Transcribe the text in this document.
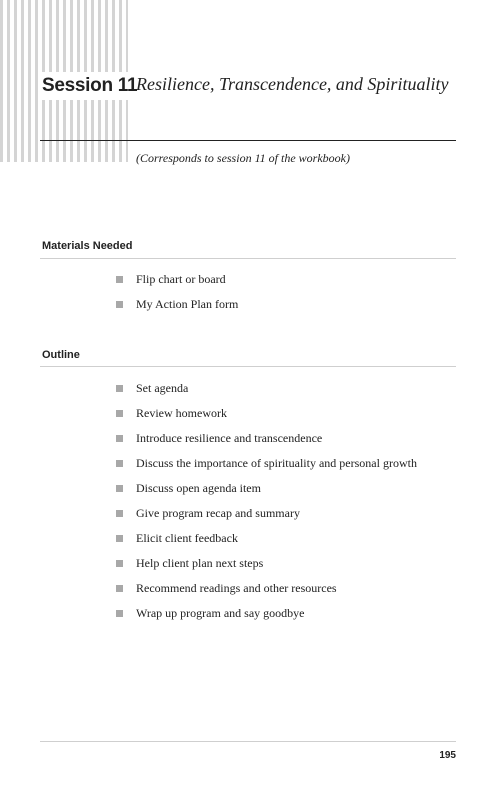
Session 11
Resilience, Transcendence, and Spirituality
(Corresponds to session 11 of the workbook)
Materials Needed
Flip chart or board
My Action Plan form
Outline
Set agenda
Review homework
Introduce resilience and transcendence
Discuss the importance of spirituality and personal growth
Discuss open agenda item
Give program recap and summary
Elicit client feedback
Help client plan next steps
Recommend readings and other resources
Wrap up program and say goodbye
195
